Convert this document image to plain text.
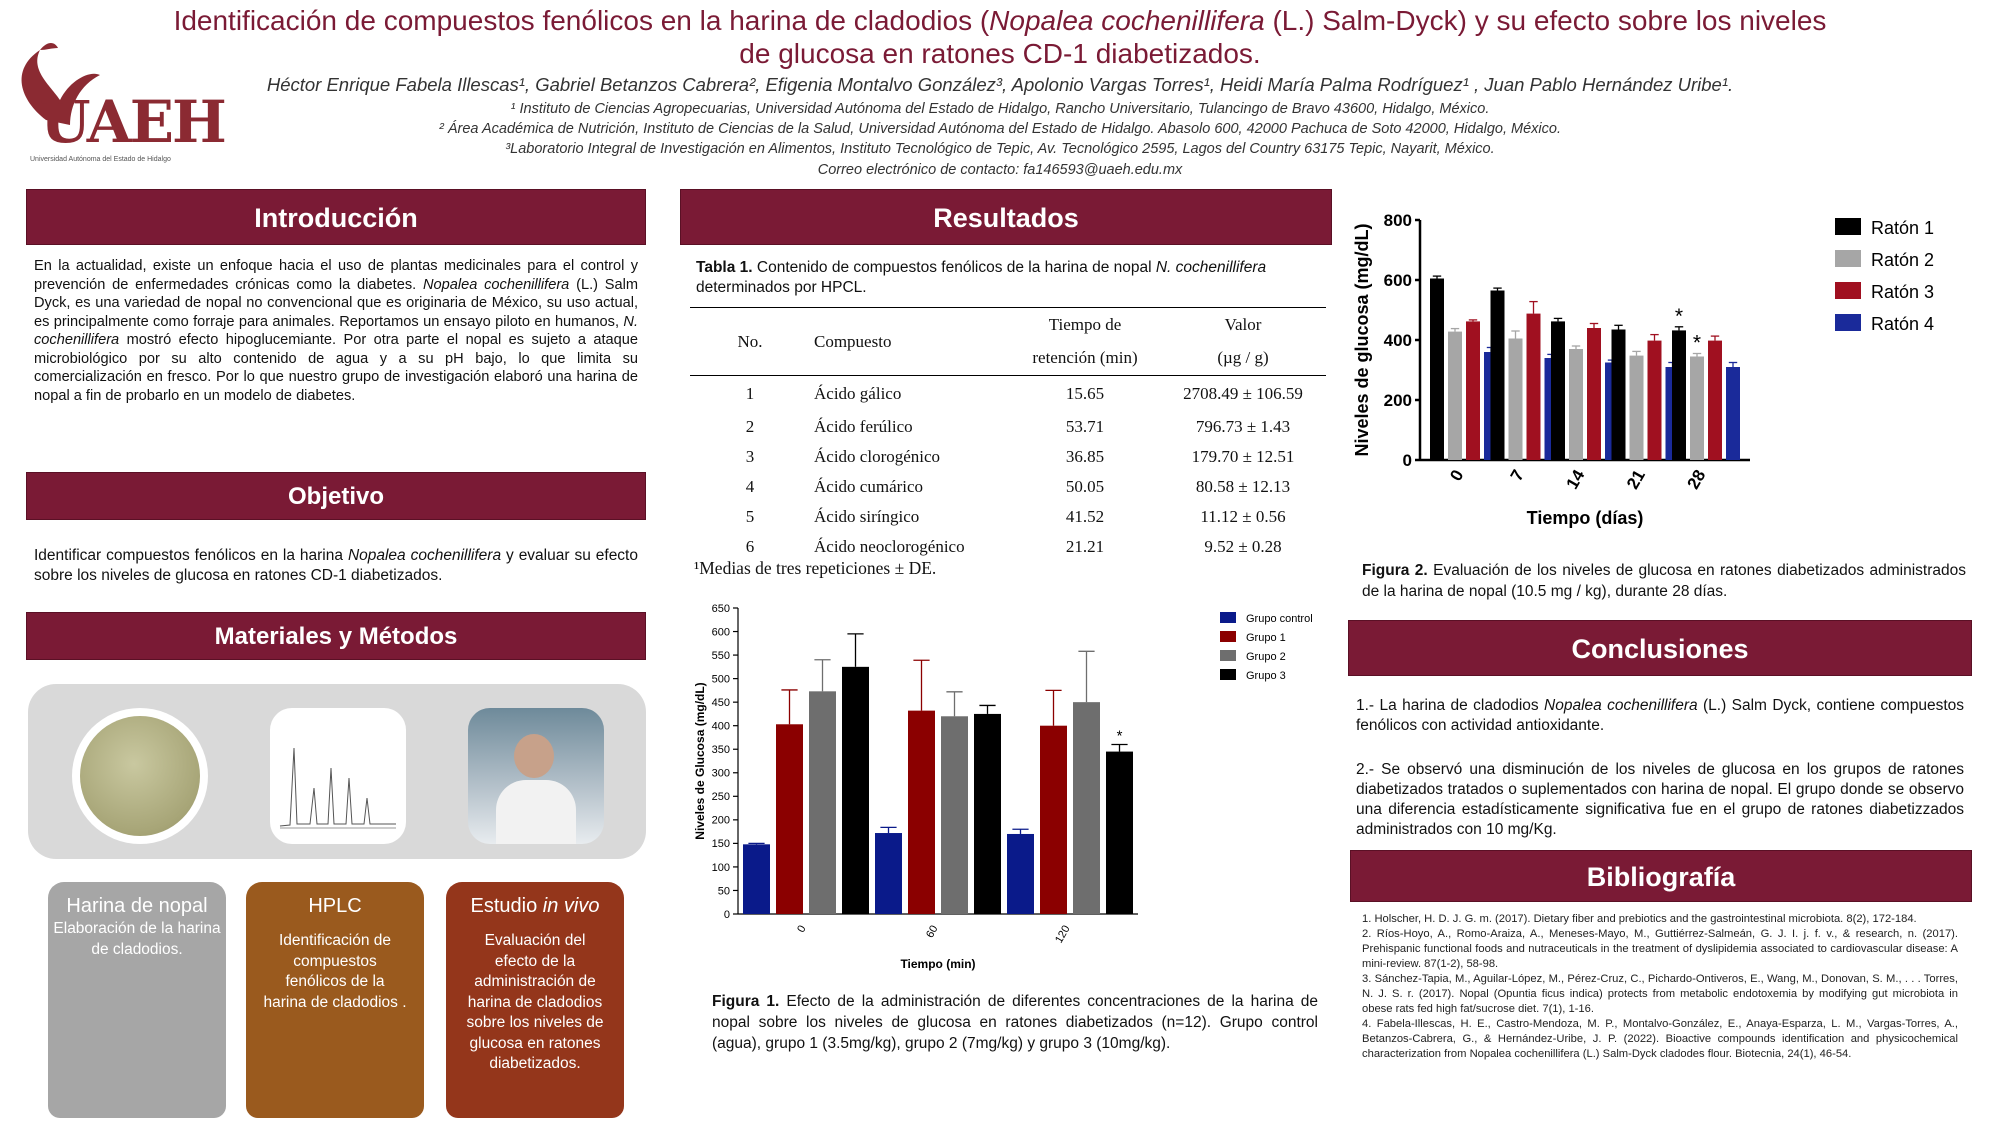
UAEH
Universidad Autónoma del Estado de Hidalgo
Identificación de compuestos fenólicos en la harina de cladodios (Nopalea cochenillifera (L.) Salm-Dyck) y su efecto sobre los niveles
de glucosa en ratones CD-1 diabetizados.
Héctor Enrique Fabela Illescas¹, Gabriel Betanzos Cabrera², Efigenia Montalvo González³, Apolonio Vargas Torres¹, Heidi María Palma Rodríguez¹ , Juan Pablo Hernández Uribe¹.
¹ Instituto de Ciencias Agropecuarias, Universidad Autónoma del Estado de Hidalgo, Rancho Universitario, Tulancingo de Bravo 43600, Hidalgo, México.
² Área Académica de Nutrición, Instituto de Ciencias de la Salud, Universidad Autónoma del Estado de Hidalgo. Abasolo 600, 42000 Pachuca de Soto 42000, Hidalgo, México.
³Laboratorio Integral de Investigación en Alimentos, Instituto Tecnológico de Tepic, Av. Tecnológico 2595, Lagos del Country 63175 Tepic, Nayarit, México.
Correo electrónico de contacto: fa146593@uaeh.edu.mx
Introducción
En la actualidad, existe un enfoque hacia el uso de plantas medicinales para el control y prevención de enfermedades crónicas como la diabetes. Nopalea cochenillifera (L.) Salm Dyck, es una variedad de nopal no convencional que es originaria de México, su uso actual, es principalmente como forraje para animales. Reportamos un ensayo piloto en humanos, N. cochenillifera mostró efecto hipoglucemiante. Por otra parte el nopal es sujeto a ataque microbiológico por su alto contenido de agua y a su pH bajo, lo que limita su comercialización en fresco. Por lo que nuestro grupo de investigación elaboró una harina de nopal a fin de probarlo en un modelo de diabetes.
Objetivo
Identificar compuestos fenólicos en la harina Nopalea cochenillifera y evaluar su efecto sobre los niveles de glucosa en ratones CD-1 diabetizados.
Materiales y Métodos
Harina de nopal
Elaboración de la harina de cladodios.
HPLC
Identificación de compuestos fenólicos de la harina de cladodios .
Estudio in vivo
Evaluación del efecto de la administración de harina de cladodios sobre los niveles de glucosa en ratones diabetizados.
Resultados
Tabla 1. Contenido de compuestos fenólicos de la harina de nopal N. cochenillifera determinados por HPCL.
No.	Compuesto	Tiempo de	Valor
		retención (min)	(µg / g)
1	Ácido gálico	15.65	2708.49 ± 106.59
2	Ácido ferúlico	53.71	796.73 ± 1.43
3	Ácido clorogénico	36.85	179.70 ± 12.51
4	Ácido cumárico	50.05	80.58 ± 12.13
5	Ácido siríngico	41.52	11.12 ± 0.56
6	Ácido neoclorogénico	21.21	9.52 ± 0.28
¹Medias de tres repeticiones ± DE.
0
50
100
150
200
250
300
350
400
450
500
550
600
650
Niveles de Glucosa (mg/dL)
Tiempo (min)
0	60	120
*
Grupo control
Grupo 1
Grupo 2
Grupo 3
Figura 1. Efecto de la administración de diferentes concentraciones de la harina de nopal sobre los niveles de glucosa en ratones diabetizados (n=12). Grupo control (agua), grupo 1 (3.5mg/kg), grupo 2 (7mg/kg) y grupo 3 (10mg/kg).
0
200
400
600
800
Niveles de glucosa (mg/dL)
Tiempo (días)
0 7 14 21 28
*
*
Ratón 1
Ratón 2
Ratón 3
Ratón 4
Figura 2. Evaluación de los niveles de glucosa en ratones diabetizados administrados de la harina de nopal (10.5 mg / kg), durante 28 días.
Conclusiones
1.- La harina de cladodios Nopalea cochenillifera (L.) Salm Dyck, contiene compuestos fenólicos con actividad antioxidante.
2.- Se observó una disminución de los niveles de glucosa en los grupos de ratones diabetizados tratados o suplementados con harina de nopal. El grupo donde se observo una diferencia estadísticamente significativa fue en el grupo de ratones diabetizzados administrados con 10 mg/Kg.
Bibliografía
1. Holscher, H. D. J. G. m. (2017). Dietary fiber and prebiotics and the gastrointestinal microbiota. 8(2), 172-184.
2. Ríos-Hoyo, A., Romo-Araiza, A., Meneses-Mayo, M., Guttiérrez-Salmeán, G. J. I. j. f. v., & research, n. (2017). Prehispanic functional foods and nutraceuticals in the treatment of dyslipidemia associated to cardiovascular disease: A mini-review. 87(1-2), 58-98.
3. Sánchez-Tapia, M., Aguilar-López, M., Pérez-Cruz, C., Pichardo-Ontiveros, E., Wang, M., Donovan, S. M., . . . Torres, N. J. S. r. (2017). Nopal (Opuntia ficus indica) protects from metabolic endotoxemia by modifying gut microbiota in obese rats fed high fat/sucrose diet. 7(1), 1-16.
4. Fabela-Illescas, H. E., Castro-Mendoza, M. P., Montalvo-González, E., Anaya-Esparza, L. M., Vargas-Torres, A., Betanzos-Cabrera, G., & Hernández-Uribe, J. P. (2022). Bioactive compounds identification and physicochemical characterization from Nopalea cochenillifera (L.) Salm-Dyck cladodes flour. Biotecnia, 24(1), 46-54.
